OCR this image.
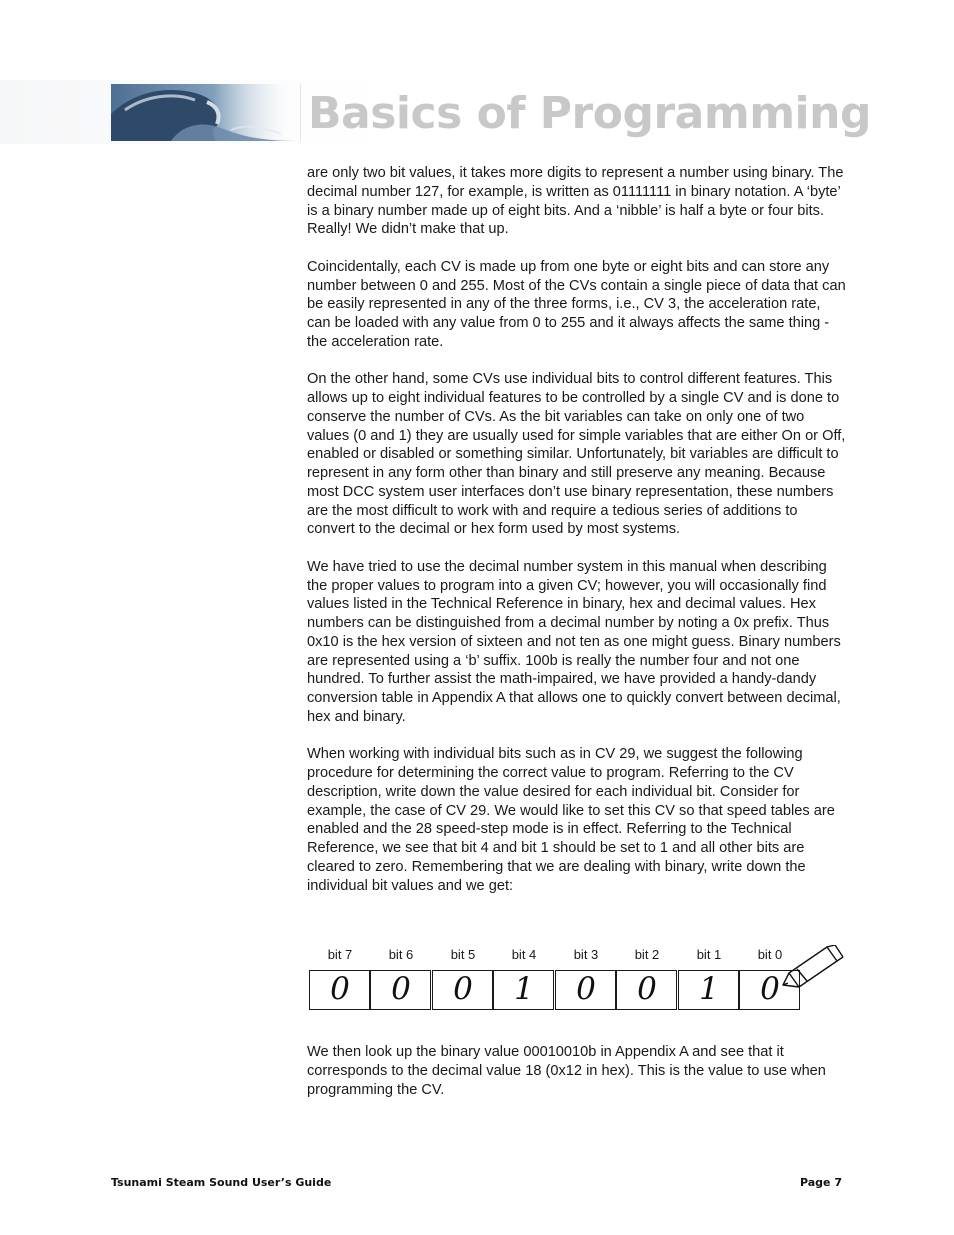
Basics of Programming

are only two bit values, it takes more digits to represent a number using binary. The decimal number 127, for example, is written as 01111111 in binary notation. A ‘byte’ is a binary number made up of eight bits. And a ‘nibble’ is half a byte or four bits. Really! We didn’t make that up.

Coincidentally, each CV is made up from one byte or eight bits and can store any number between 0 and 255. Most of the CVs contain a single piece of data that can be easily represented in any of the three forms, i.e., CV 3, the acceleration rate, can be loaded with any value from 0 to 255 and it always affects the same thing - the acceleration rate.

On the other hand, some CVs use individual bits to control different features. This allows up to eight individual features to be controlled by a single CV and is done to conserve the number of CVs. As the bit variables can take on only one of two values (0 and 1) they are usually used for simple variables that are either On or Off, enabled or disabled or something similar. Unfortunately, bit variables are difficult to represent in any form other than binary and still preserve any meaning. Because most DCC system user interfaces don’t use binary representation, these numbers are the most difficult to work with and require a tedious series of additions to convert to the decimal or hex form used by most systems.

We have tried to use the decimal number system in this manual when describing the proper values to program into a given CV; however, you will occasionally find values listed in the Technical Reference in binary, hex and decimal values. Hex numbers can be distinguished from a decimal number by noting a 0x prefix. Thus 0x10 is the hex version of sixteen and not ten as one might guess. Binary numbers are represented using a ‘b’ suffix. 100b is really the number four and not one hundred. To further assist the math-impaired, we have provided a handy-dandy conversion table in Appendix A that allows one to quickly convert between decimal, hex and binary.

When working with individual bits such as in CV 29, we suggest the following procedure for determining the correct value to program. Referring to the CV description, write down the value desired for each individual bit. Consider for example, the case of CV 29. We would like to set this CV so that speed tables are enabled and the 28 speed-step mode is in effect. Referring to the Technical Reference, we see that bit 4 and bit 1 should be set to 1 and all other bits are cleared to zero. Remembering that we are dealing with binary, write down the individual bit values and we get:

bit 7	bit 6	bit 5	bit 4	bit 3	bit 2	bit 1	bit 0
0	0	0	1	0	0	1	0

We then look up the binary value 00010010b in Appendix A and see that it corresponds to the decimal value 18 (0x12 in hex). This is the value to use when programming the CV.

Tsunami Steam Sound User’s Guide	Page 7
